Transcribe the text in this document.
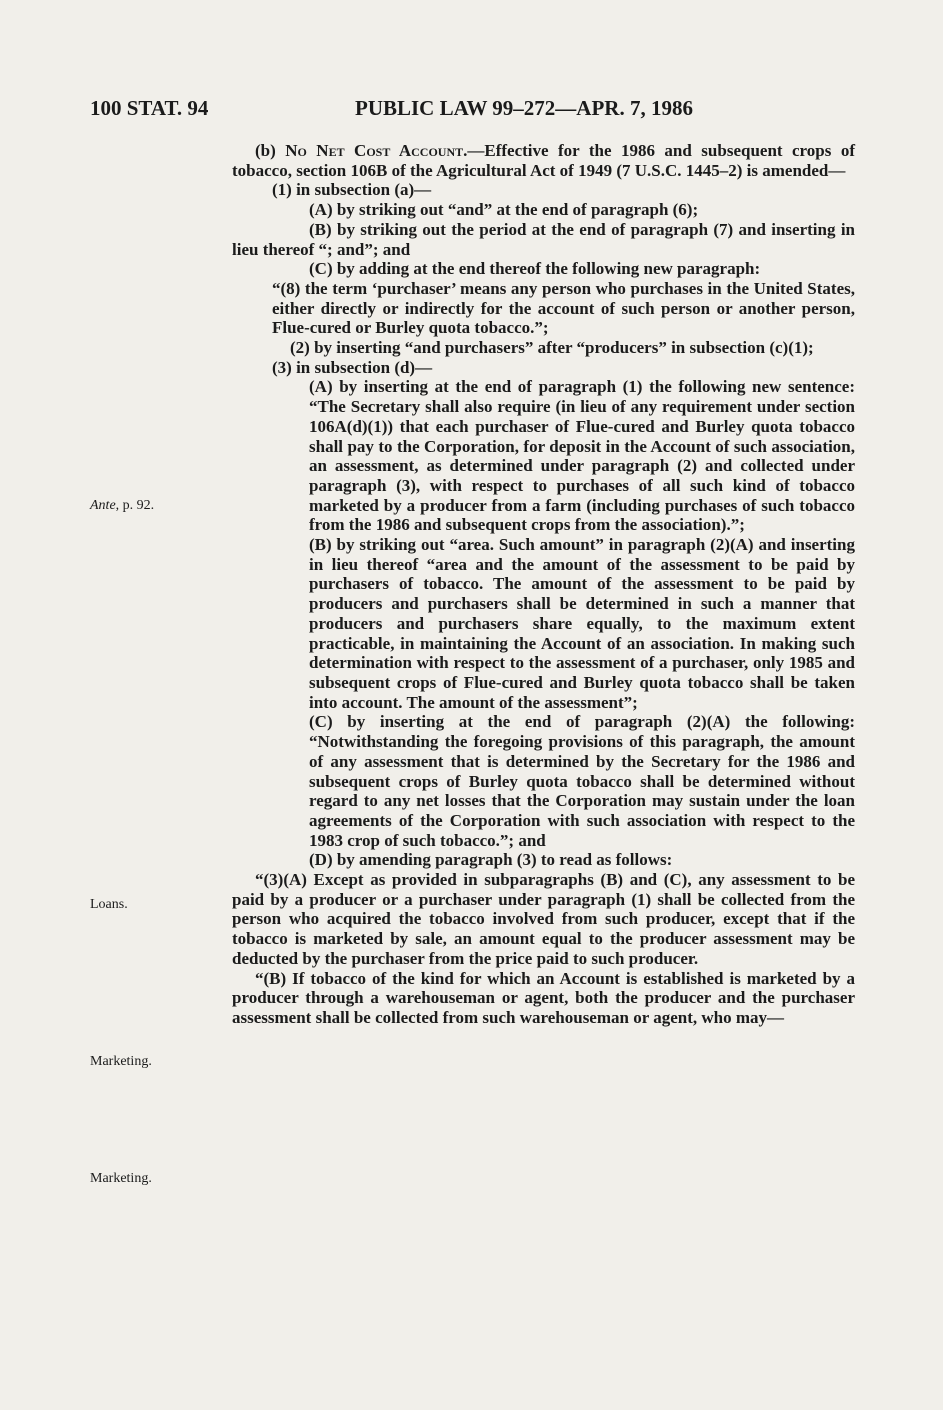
100 STAT. 94	PUBLIC LAW 99–272—APR. 7, 1986
Ante, p. 92.
Loans.
Marketing.
Marketing.

(b) No Net Cost Account.—Effective for the 1986 and subsequent crops of tobacco, section 106B of the Agricultural Act of 1949 (7 U.S.C. 1445–2) is amended—

(1) in subsection (a)—

(A) by striking out “and” at the end of paragraph (6);

(B) by striking out the period at the end of paragraph (7) and inserting in lieu thereof “; and”; and

(C) by adding at the end thereof the following new paragraph:

“(8) the term ‘purchaser’ means any person who purchases in the United States, either directly or indirectly for the account of such person or another person, Flue-cured or Burley quota tobacco.”;

(2) by inserting “and purchasers” after “producers” in subsection (c)(1);

(3) in subsection (d)—

(A) by inserting at the end of paragraph (1) the following new sentence: “The Secretary shall also require (in lieu of any requirement under section 106A(d)(1)) that each purchaser of Flue-cured and Burley quota tobacco shall pay to the Corporation, for deposit in the Account of such association, an assessment, as determined under paragraph (2) and collected under paragraph (3), with respect to purchases of all such kind of tobacco marketed by a producer from a farm (including purchases of such tobacco from the 1986 and subsequent crops from the association).”;

(B) by striking out “area. Such amount” in paragraph (2)(A) and inserting in lieu thereof “area and the amount of the assessment to be paid by purchasers of tobacco. The amount of the assessment to be paid by producers and purchasers shall be determined in such a manner that producers and purchasers share equally, to the maximum extent practicable, in maintaining the Account of an association. In making such determination with respect to the assessment of a purchaser, only 1985 and subsequent crops of Flue-cured and Burley quota tobacco shall be taken into account. The amount of the assessment”;

(C) by inserting at the end of paragraph (2)(A) the following: “Notwithstanding the foregoing provisions of this paragraph, the amount of any assessment that is determined by the Secretary for the 1986 and subsequent crops of Burley quota tobacco shall be determined without regard to any net losses that the Corporation may sustain under the loan agreements of the Corporation with such association with respect to the 1983 crop of such tobacco.”; and

(D) by amending paragraph (3) to read as follows:

“(3)(A) Except as provided in subparagraphs (B) and (C), any assessment to be paid by a producer or a purchaser under paragraph (1) shall be collected from the person who acquired the tobacco involved from such producer, except that if the tobacco is marketed by sale, an amount equal to the producer assessment may be deducted by the purchaser from the price paid to such producer.

“(B) If tobacco of the kind for which an Account is established is marketed by a producer through a warehouseman or agent, both the producer and the purchaser assessment shall be collected from such warehouseman or agent, who may—
